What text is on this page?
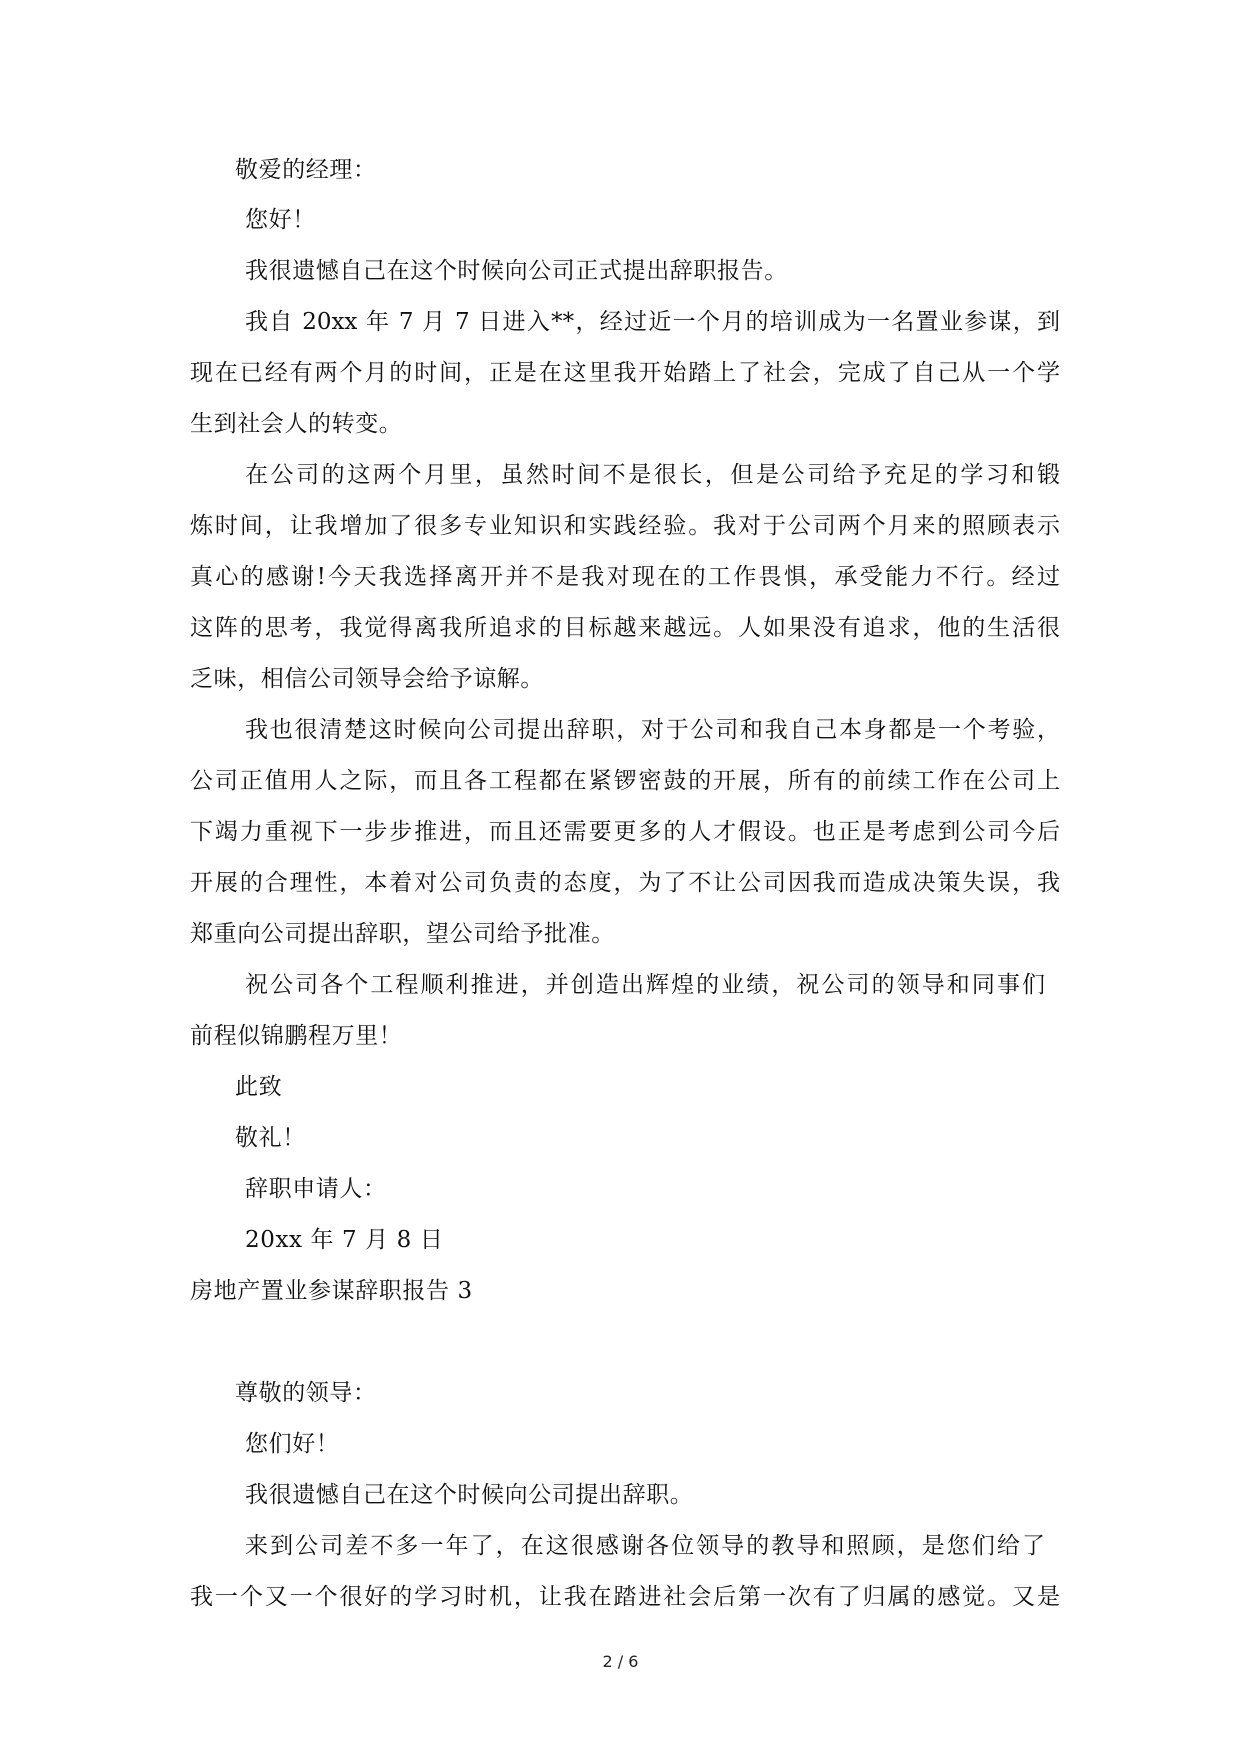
敬爱的经理：
您好！
我很遗憾自己在这个时候向公司正式提出辞职报告。
我自 20xx 年 7 月 7 日进入**，经过近一个月的培训成为一名置业参谋，到
现在已经有两个月的时间，正是在这里我开始踏上了社会，完成了自己从一个学
生到社会人的转变。
在公司的这两个月里，虽然时间不是很长，但是公司给予充足的学习和锻
炼时间，让我增加了很多专业知识和实践经验。我对于公司两个月来的照顾表示
真心的感谢!今天我选择离开并不是我对现在的工作畏惧，承受能力不行。经过
这阵的思考，我觉得离我所追求的目标越来越远。人如果没有追求，他的生活很
乏味，相信公司领导会给予谅解。
我也很清楚这时候向公司提出辞职，对于公司和我自己本身都是一个考验，
公司正值用人之际，而且各工程都在紧锣密鼓的开展，所有的前续工作在公司上
下竭力重视下一步步推进，而且还需要更多的人才假设。也正是考虑到公司今后
开展的合理性，本着对公司负责的态度，为了不让公司因我而造成决策失误，我
郑重向公司提出辞职，望公司给予批准。
祝公司各个工程顺利推进，并创造出辉煌的业绩，祝公司的领导和同事们
前程似锦鹏程万里！
此致
敬礼！
辞职申请人：
20xx 年 7 月 8 日
房地产置业参谋辞职报告 3
尊敬的领导：
您们好！
我很遗憾自己在这个时候向公司提出辞职。
来到公司差不多一年了，在这很感谢各位领导的教导和照顾，是您们给了
我一个又一个很好的学习时机，让我在踏进社会后第一次有了归属的感觉。又是
2 / 6
